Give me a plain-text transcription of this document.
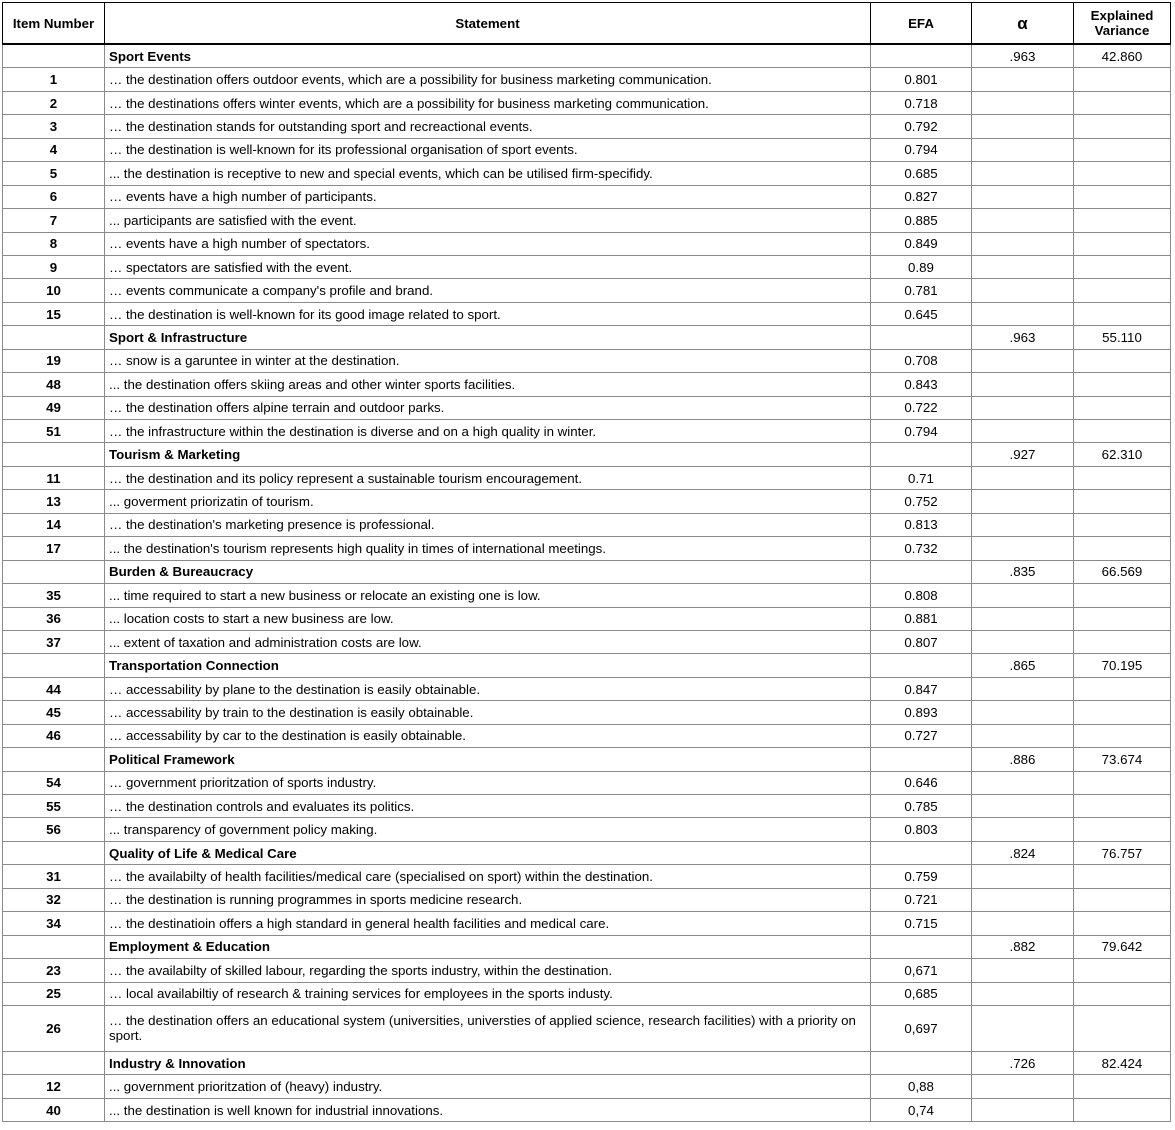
Item Number	Statement	EFA	α	Explained Variance
	Sport Events		.963	42.860
1	… the destination offers outdoor events, which are a possibility for business marketing communication.	0.801		
2	… the destinations offers winter events, which are a possibility for business marketing communication.	0.718		
3	… the destination stands for outstanding sport and recreactional events.	0.792		
4	… the destination is well-known for its professional organisation of sport events.	0.794		
5	... the destination is receptive to new and special events, which can be utilised firm-specifidy.	0.685		
6	… events have a high number of participants.	0.827		
7	... participants are satisfied with the event.	0.885		
8	… events have a high number of spectators.	0.849		
9	… spectators are satisfied with the event.	0.89		
10	… events communicate a company's profile and brand.	0.781		
15	… the destination is well-known for its good image related to sport.	0.645		
	Sport & Infrastructure		.963	55.110
19	… snow is a garuntee in winter at the destination.	0.708		
48	... the destination offers skiing areas and other winter sports facilities.	0.843		
49	… the destination offers alpine terrain and outdoor parks.	0.722		
51	… the infrastructure within the destination is diverse and on a high quality in winter.	0.794		
	Tourism & Marketing		.927	62.310
11	… the destination and its policy represent a sustainable tourism encouragement.	0.71		
13	... goverment priorizatin of tourism.	0.752		
14	… the destination's marketing presence is professional.	0.813		
17	... the destination's tourism represents high quality in times of international meetings.	0.732		
	Burden & Bureaucracy		.835	66.569
35	... time required to start a new business or relocate an existing one is low.	0.808		
36	... location costs to start a new business are low.	0.881		
37	... extent of taxation and administration costs are low.	0.807		
	Transportation Connection		.865	70.195
44	… accessability by plane to the destination is easily obtainable.	0.847		
45	… accessability by train to the destination is easily obtainable.	0.893		
46	… accessability by car to the destination is easily obtainable.	0.727		
	Political Framework		.886	73.674
54	… government prioritzation of sports industry.	0.646		
55	… the destination controls and evaluates its politics.	0.785		
56	... transparency of government policy making.	0.803		
	Quality of Life & Medical Care		.824	76.757
31	… the availabilty of health facilities/medical care (specialised on sport) within the destination.	0.759		
32	… the destination is running programmes in sports medicine research.	0.721		
34	… the destinatioin offers a high standard in general health facilities and medical care.	0.715		
	Employment & Education		.882	79.642
23	… the availabilty of skilled labour, regarding the sports industry, within the destination.	0,671		
25	… local availabiltiy of research & training services for employees in the sports industy.	0,685		
26	… the destination offers an educational system (universities, universties of applied science, research facilities) with a priority on sport.	0,697		
	Industry & Innovation		.726	82.424
12	... government prioritzation of (heavy) industry.	0,88		
40	... the destination is well known for industrial innovations.	0,74		
